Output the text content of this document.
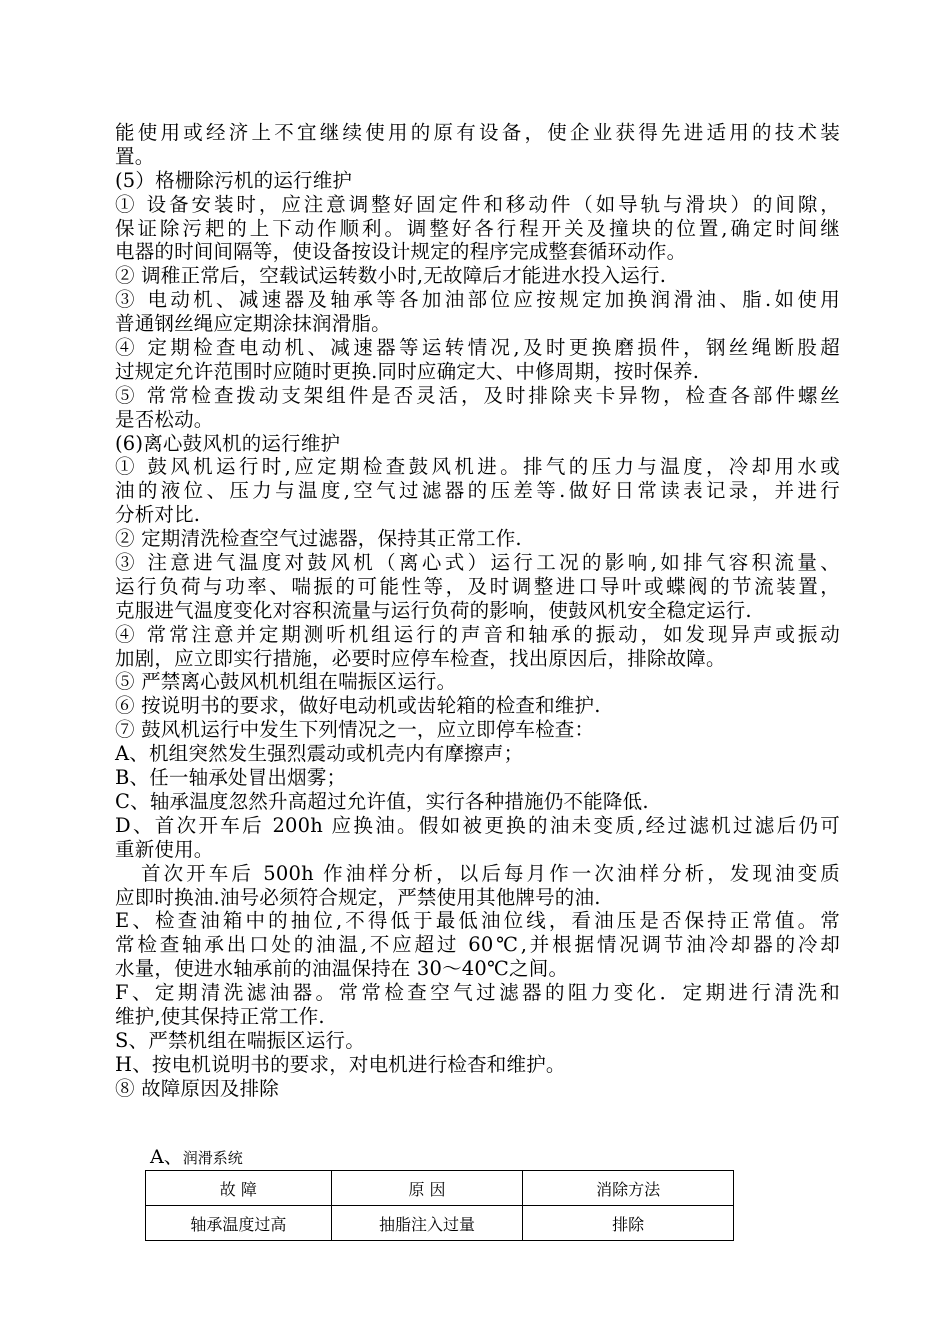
能使用或经济上不宜继续使用的原有设备，使企业获得先进适用的技术装
置。
(5）格栅除污机的运行维护
① 设备安装时，应注意调整好固定件和移动件（如导轨与滑块）的间隙，
保证除污耙的上下动作顺利。调整好各行程开关及撞块的位置,确定时间继
电器的时间间隔等，使设备按设计规定的程序完成整套循环动作。
② 调稚正常后，空载试运转数小时,无故障后才能进水投入运行.
③ 电动机、减速器及轴承等各加油部位应按规定加换润滑油、脂.如使用
普通钢丝绳应定期涂抹润滑脂。
④ 定期检查电动机、减速器等运转情况,及时更换磨损件，钢丝绳断股超
过规定允许范围时应随时更换.同时应确定大、中修周期，按时保养.
⑤ 常常检查拨动支架组件是否灵活，及时排除夹卡异物，检查各部件螺丝
是否松动。
(6)离心鼓风机的运行维护
① 鼓风机运行时,应定期检查鼓风机进。排气的压力与温度，冷却用水或
油的液位、压力与温度,空气过滤器的压差等.做好日常读表记录，并进行
分析对比.
② 定期清洗检查空气过滤器，保持其正常工作.
③ 注意进气温度对鼓风机（离心式）运行工况的影响,如排气容积流量、
运行负荷与功率、喘振的可能性等，及时调整进口导叶或蝶阀的节流装置，
克服进气温度变化对容积流量与运行负荷的影响，使鼓风机安全稳定运行.
④ 常常注意并定期测听机组运行的声音和轴承的振动，如发现异声或振动
加剧，应立即实行措施，必要时应停车检查，找出原因后，排除故障。
⑤ 严禁离心鼓风机机组在喘振区运行。
⑥ 按说明书的要求，做好电动机或齿轮箱的检查和维护.
⑦ 鼓风机运行中发生下列情况之一，应立即停车检查：
A、机组突然发生强烈震动或机壳内有摩擦声；
B、任一轴承处冒出烟雾；
C、轴承温度忽然升高超过允许值，实行各种措施仍不能降低.
D、首次开车后 200h 应换油。假如被更换的油未变质,经过滤机过滤后仍可
重新使用。
首次开车后 500h 作油样分析，以后每月作一次油样分析，发现油变质
应即时换油.油号必须符合规定，严禁使用其他牌号的油.
E、检查油箱中的抽位,不得低于最低油位线，看油压是否保持正常值。常
常检查轴承出口处的油温,不应超过 60℃,并根据情况调节油冷却器的冷却
水量，使进水轴承前的油温保持在 30～40℃之间。
F、定期清洗滤油器。常常检查空气过滤器的阻力变化．定期进行清洗和
维护,使其保持正常工作.
S、严禁机组在喘振区运行。
H、按电机说明书的要求，对电机进行检杳和维护。
⑧ 故障原因及排除
A、润滑系统
故 障	原 因	消除方法
轴承温度过高	抽脂注入过量	排除
